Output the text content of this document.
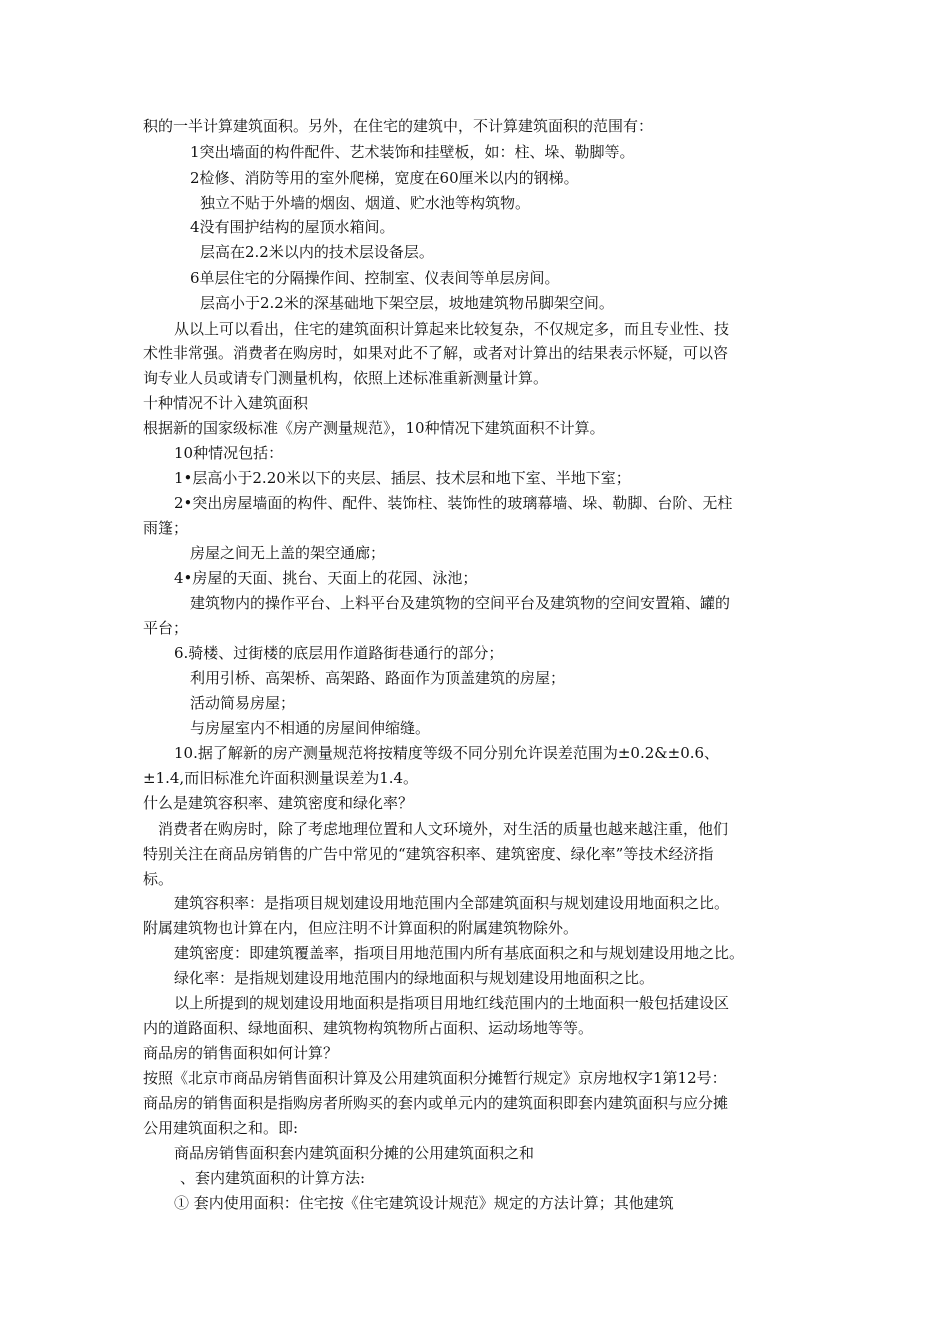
积的一半计算建筑面积。另外，在住宅的建筑中，不计算建筑面积的范围有：
1突出墙面的构件配件、艺术装饰和挂壁板，如：柱、垛、勒脚等。
2检修、消防等用的室外爬梯，宽度在60厘米以内的钢梯。
独立不贴于外墙的烟囱、烟道、贮水池等构筑物。
4没有围护结构的屋顶水箱间。
层高在2.2米以内的技术层设备层。
6单层住宅的分隔操作间、控制室、仪表间等单层房间。
层高小于2.2米的深基础地下架空层，坡地建筑物吊脚架空间。
从以上可以看出，住宅的建筑面积计算起来比较复杂，不仅规定多，而且专业性、技
术性非常强。消费者在购房时，如果对此不了解，或者对计算出的结果表示怀疑，可以咨
询专业人员或请专门测量机构，依照上述标准重新测量计算。
十种情况不计入建筑面积
根据新的国家级标准《房产测量规范》，10种情况下建筑面积不计算。
10种情况包括：
1•层高小于2.20米以下的夹层、插层、技术层和地下室、半地下室；
2•突出房屋墙面的构件、配件、装饰柱、装饰性的玻璃幕墙、垛、勒脚、台阶、无柱
雨篷；
房屋之间无上盖的架空通廊；
4•房屋的天面、挑台、天面上的花园、泳池；
建筑物内的操作平台、上料平台及建筑物的空间平台及建筑物的空间安置箱、罐的
平台；
6.骑楼、过街楼的底层用作道路街巷通行的部分；
利用引桥、高架桥、高架路、路面作为顶盖建筑的房屋；
活动简易房屋；
与房屋室内不相通的房屋间伸缩缝。
10.据了解新的房产测量规范将按精度等级不同分别允许误差范围为±0.2&±0.6、
±1.4,而旧标准允许面积测量误差为1.4。
什么是建筑容积率、建筑密度和绿化率？
消费者在购房时，除了考虑地理位置和人文环境外，对生活的质量也越来越注重，他们
特别关注在商品房销售的广告中常见的“建筑容积率、建筑密度、绿化率”等技术经济指
标。
建筑容积率：是指项目规划建设用地范围内全部建筑面积与规划建设用地面积之比。
附属建筑物也计算在内，但应注明不计算面积的附属建筑物除外。
建筑密度：即建筑覆盖率，指项目用地范围内所有基底面积之和与规划建设用地之比。
绿化率：是指规划建设用地范围内的绿地面积与规划建设用地面积之比。
以上所提到的规划建设用地面积是指项目用地红线范围内的土地面积一般包括建设区
内的道路面积、绿地面积、建筑物构筑物所占面积、运动场地等等。
商品房的销售面积如何计算？
按照《北京市商品房销售面积计算及公用建筑面积分摊暂行规定》京房地权字1第12号：
商品房的销售面积是指购房者所购买的套内或单元内的建筑面积即套内建筑面积与应分摊
公用建筑面积之和。即:
商品房销售面积套内建筑面积分摊的公用建筑面积之和
、套内建筑面积的计算方法:
① 套内使用面积：住宅按《住宅建筑设计规范》规定的方法计算；其他建筑
